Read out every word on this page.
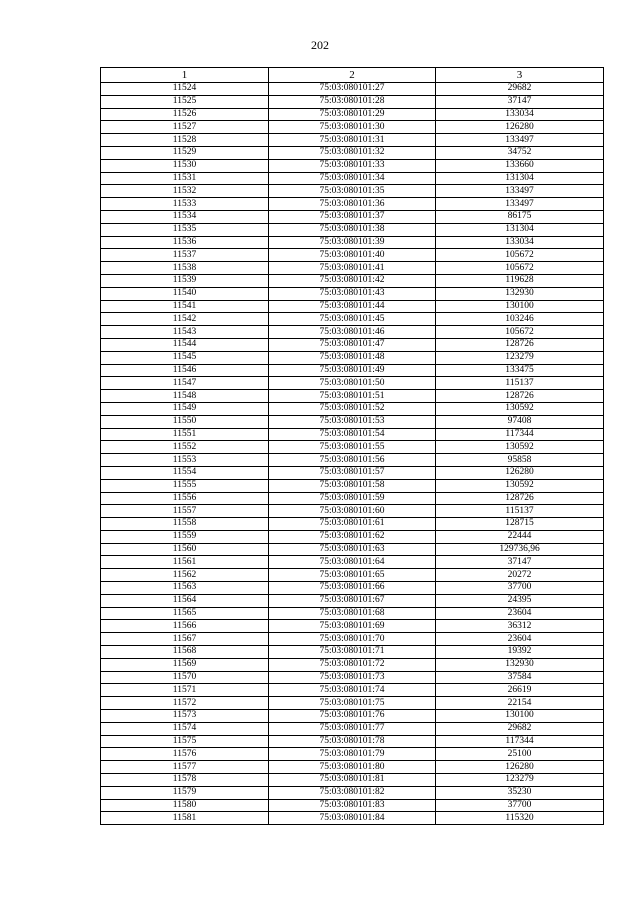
202
1	2	3
11524	75:03:080101:27	29682
11525	75:03:080101:28	37147
11526	75:03:080101:29	133034
11527	75:03:080101:30	126280
11528	75:03:080101:31	133497
11529	75:03:080101:32	34752
11530	75:03:080101:33	133660
11531	75:03:080101:34	131304
11532	75:03:080101:35	133497
11533	75:03:080101:36	133497
11534	75:03:080101:37	86175
11535	75:03:080101:38	131304
11536	75:03:080101:39	133034
11537	75:03:080101:40	105672
11538	75:03:080101:41	105672
11539	75:03:080101:42	119628
11540	75:03:080101:43	132930
11541	75:03:080101:44	130100
11542	75:03:080101:45	103246
11543	75:03:080101:46	105672
11544	75:03:080101:47	128726
11545	75:03:080101:48	123279
11546	75:03:080101:49	133475
11547	75:03:080101:50	115137
11548	75:03:080101:51	128726
11549	75:03:080101:52	130592
11550	75:03:080101:53	97408
11551	75:03:080101:54	117344
11552	75:03:080101:55	130592
11553	75:03:080101:56	95858
11554	75:03:080101:57	126280
11555	75:03:080101:58	130592
11556	75:03:080101:59	128726
11557	75:03:080101:60	115137
11558	75:03:080101:61	128715
11559	75:03:080101:62	22444
11560	75:03:080101:63	129736,96
11561	75:03:080101:64	37147
11562	75:03:080101:65	20272
11563	75:03:080101:66	37700
11564	75:03:080101:67	24395
11565	75:03:080101:68	23604
11566	75:03:080101:69	36312
11567	75:03:080101:70	23604
11568	75:03:080101:71	19392
11569	75:03:080101:72	132930
11570	75:03:080101:73	37584
11571	75:03:080101:74	26619
11572	75:03:080101:75	22154
11573	75:03:080101:76	130100
11574	75:03:080101:77	29682
11575	75:03:080101:78	117344
11576	75:03:080101:79	25100
11577	75:03:080101:80	126280
11578	75:03:080101:81	123279
11579	75:03:080101:82	35230
11580	75:03:080101:83	37700
11581	75:03:080101:84	115320
